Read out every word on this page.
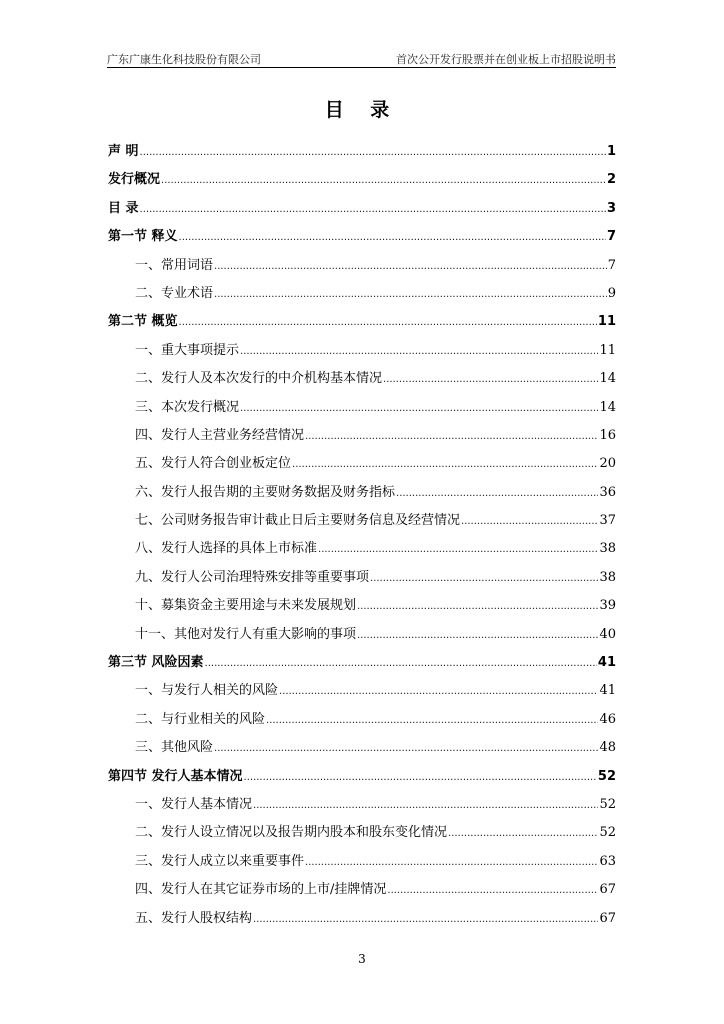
广东广康生化科技股份有限公司	首次公开发行股票并在创业板上市招股说明书
目 录
声 明 .....	1
发行概况 .....	2
目 录 .....	3
第一节 释义 .....	7
一、常用词语 .....	7
二、专业术语 .....	9
第二节 概览 .....	11
一、重大事项提示 .....	11
二、发行人及本次发行的中介机构基本情况 .....	14
三、本次发行概况 .....	14
四、发行人主营业务经营情况 .....	16
五、发行人符合创业板定位 .....	20
六、发行人报告期的主要财务数据及财务指标 .....	36
七、公司财务报告审计截止日后主要财务信息及经营情况 .....	37
八、发行人选择的具体上市标准 .....	38
九、发行人公司治理特殊安排等重要事项 .....	38
十、募集资金主要用途与未来发展规划 .....	39
十一、其他对发行人有重大影响的事项 .....	40
第三节 风险因素 .....	41
一、与发行人相关的风险 .....	41
二、与行业相关的风险 .....	46
三、其他风险 .....	48
第四节 发行人基本情况 .....	52
一、发行人基本情况 .....	52
二、发行人设立情况以及报告期内股本和股东变化情况 .....	52
三、发行人成立以来重要事件 .....	63
四、发行人在其它证券市场的上市/挂牌情况 .....	67
五、发行人股权结构 .....	67
3
